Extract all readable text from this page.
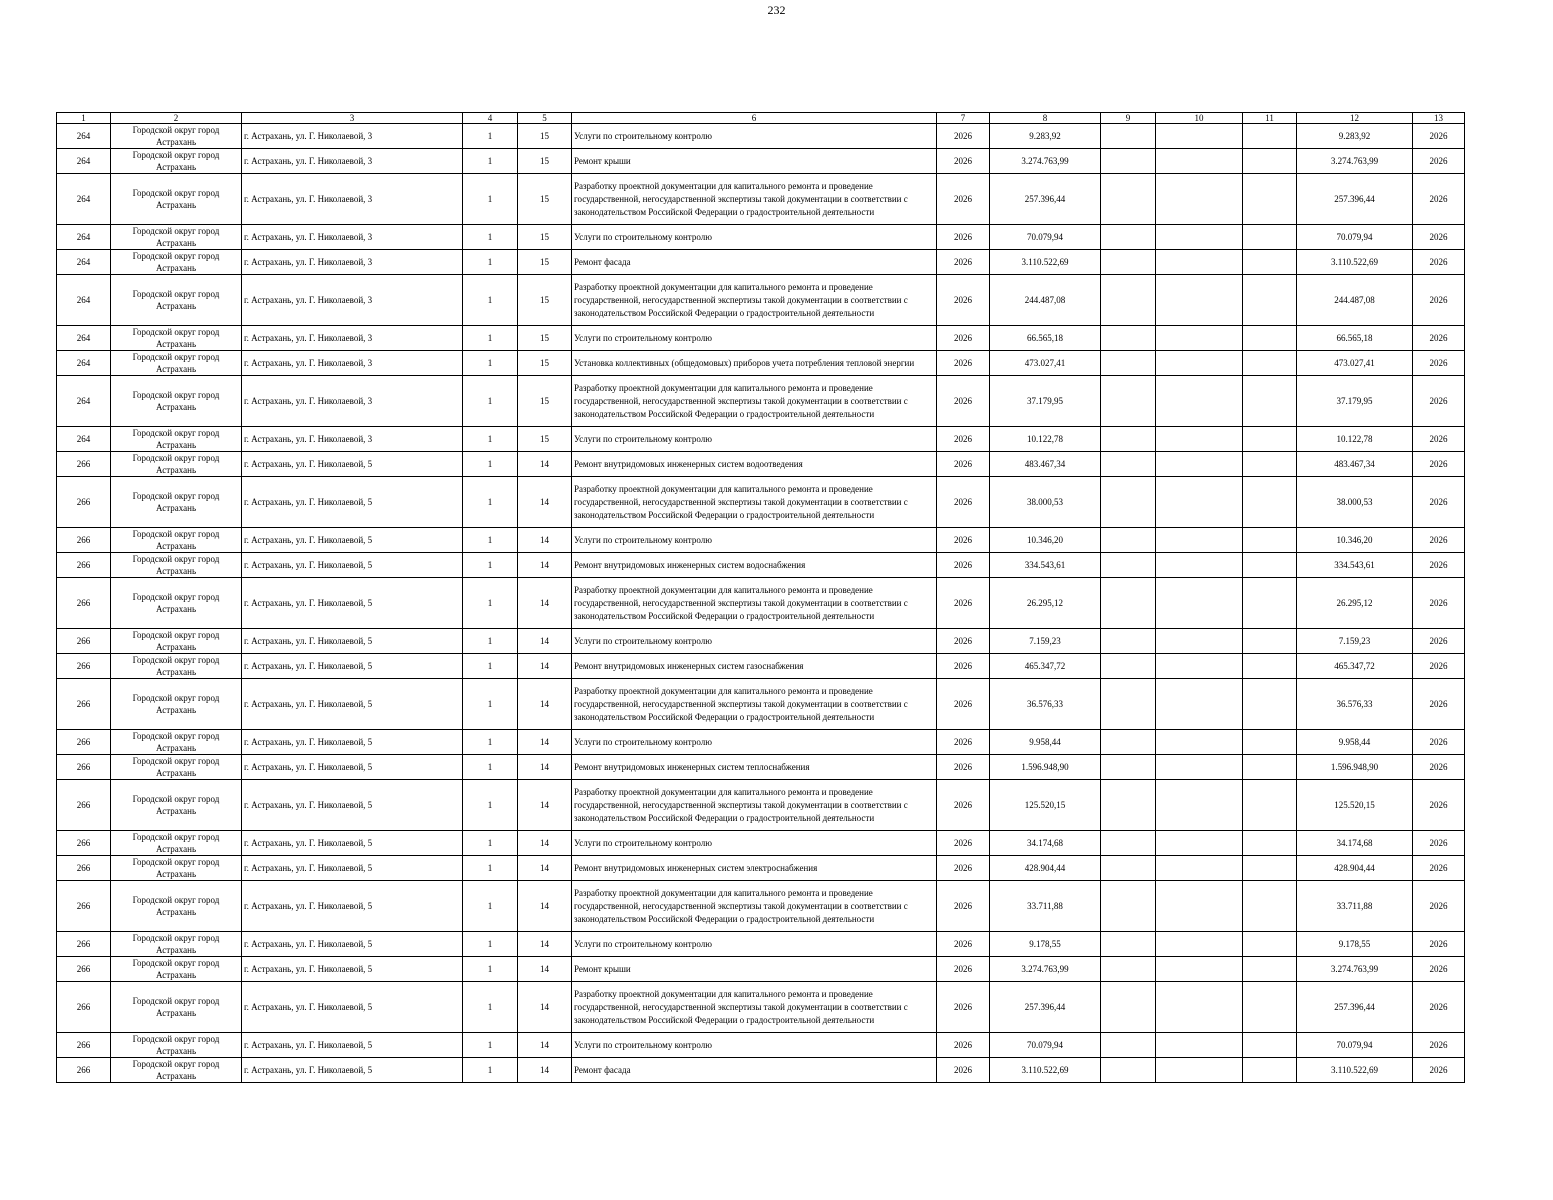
232
1	2	3	4	5	6	7	8	9	10	11	12	13
264	Городской округ город Астрахань	г. Астрахань, ул. Г. Николаевой, 3	1	15	Услуги по строительному контролю	2026	9.283,92				9.283,92	2026
264	Городской округ город Астрахань	г. Астрахань, ул. Г. Николаевой, 3	1	15	Ремонт крыши	2026	3.274.763,99				3.274.763,99	2026
264	Городской округ город Астрахань	г. Астрахань, ул. Г. Николаевой, 3	1	15	Разработку проектной документации для капитального ремонта и проведение государственной, негосударственной экспертизы такой документации в соответствии с законодательством Российской Федерации о градостроительной деятельности	2026	257.396,44				257.396,44	2026
264	Городской округ город Астрахань	г. Астрахань, ул. Г. Николаевой, 3	1	15	Услуги по строительному контролю	2026	70.079,94				70.079,94	2026
264	Городской округ город Астрахань	г. Астрахань, ул. Г. Николаевой, 3	1	15	Ремонт фасада	2026	3.110.522,69				3.110.522,69	2026
264	Городской округ город Астрахань	г. Астрахань, ул. Г. Николаевой, 3	1	15	Разработку проектной документации для капитального ремонта и проведение государственной, негосударственной экспертизы такой документации в соответствии с законодательством Российской Федерации о градостроительной деятельности	2026	244.487,08				244.487,08	2026
264	Городской округ город Астрахань	г. Астрахань, ул. Г. Николаевой, 3	1	15	Услуги по строительному контролю	2026	66.565,18				66.565,18	2026
264	Городской округ город Астрахань	г. Астрахань, ул. Г. Николаевой, 3	1	15	Установка коллективных (общедомовых) приборов учета потребления тепловой энергии	2026	473.027,41				473.027,41	2026
264	Городской округ город Астрахань	г. Астрахань, ул. Г. Николаевой, 3	1	15	Разработку проектной документации для капитального ремонта и проведение государственной, негосударственной экспертизы такой документации в соответствии с законодательством Российской Федерации о градостроительной деятельности	2026	37.179,95				37.179,95	2026
264	Городской округ город Астрахань	г. Астрахань, ул. Г. Николаевой, 3	1	15	Услуги по строительному контролю	2026	10.122,78				10.122,78	2026
266	Городской округ город Астрахань	г. Астрахань, ул. Г. Николаевой, 5	1	14	Ремонт внутридомовых инженерных систем водоотведения	2026	483.467,34				483.467,34	2026
266	Городской округ город Астрахань	г. Астрахань, ул. Г. Николаевой, 5	1	14	Разработку проектной документации для капитального ремонта и проведение государственной, негосударственной экспертизы такой документации в соответствии с законодательством Российской Федерации о градостроительной деятельности	2026	38.000,53				38.000,53	2026
266	Городской округ город Астрахань	г. Астрахань, ул. Г. Николаевой, 5	1	14	Услуги по строительному контролю	2026	10.346,20				10.346,20	2026
266	Городской округ город Астрахань	г. Астрахань, ул. Г. Николаевой, 5	1	14	Ремонт внутридомовых инженерных систем водоснабжения	2026	334.543,61				334.543,61	2026
266	Городской округ город Астрахань	г. Астрахань, ул. Г. Николаевой, 5	1	14	Разработку проектной документации для капитального ремонта и проведение государственной, негосударственной экспертизы такой документации в соответствии с законодательством Российской Федерации о градостроительной деятельности	2026	26.295,12				26.295,12	2026
266	Городской округ город Астрахань	г. Астрахань, ул. Г. Николаевой, 5	1	14	Услуги по строительному контролю	2026	7.159,23				7.159,23	2026
266	Городской округ город Астрахань	г. Астрахань, ул. Г. Николаевой, 5	1	14	Ремонт внутридомовых инженерных систем газоснабжения	2026	465.347,72				465.347,72	2026
266	Городской округ город Астрахань	г. Астрахань, ул. Г. Николаевой, 5	1	14	Разработку проектной документации для капитального ремонта и проведение государственной, негосударственной экспертизы такой документации в соответствии с законодательством Российской Федерации о градостроительной деятельности	2026	36.576,33				36.576,33	2026
266	Городской округ город Астрахань	г. Астрахань, ул. Г. Николаевой, 5	1	14	Услуги по строительному контролю	2026	9.958,44				9.958,44	2026
266	Городской округ город Астрахань	г. Астрахань, ул. Г. Николаевой, 5	1	14	Ремонт внутридомовых инженерных систем теплоснабжения	2026	1.596.948,90				1.596.948,90	2026
266	Городской округ город Астрахань	г. Астрахань, ул. Г. Николаевой, 5	1	14	Разработку проектной документации для капитального ремонта и проведение государственной, негосударственной экспертизы такой документации в соответствии с законодательством Российской Федерации о градостроительной деятельности	2026	125.520,15				125.520,15	2026
266	Городской округ город Астрахань	г. Астрахань, ул. Г. Николаевой, 5	1	14	Услуги по строительному контролю	2026	34.174,68				34.174,68	2026
266	Городской округ город Астрахань	г. Астрахань, ул. Г. Николаевой, 5	1	14	Ремонт внутридомовых инженерных систем электроснабжения	2026	428.904,44				428.904,44	2026
266	Городской округ город Астрахань	г. Астрахань, ул. Г. Николаевой, 5	1	14	Разработку проектной документации для капитального ремонта и проведение государственной, негосударственной экспертизы такой документации в соответствии с законодательством Российской Федерации о градостроительной деятельности	2026	33.711,88				33.711,88	2026
266	Городской округ город Астрахань	г. Астрахань, ул. Г. Николаевой, 5	1	14	Услуги по строительному контролю	2026	9.178,55				9.178,55	2026
266	Городской округ город Астрахань	г. Астрахань, ул. Г. Николаевой, 5	1	14	Ремонт крыши	2026	3.274.763,99				3.274.763,99	2026
266	Городской округ город Астрахань	г. Астрахань, ул. Г. Николаевой, 5	1	14	Разработку проектной документации для капитального ремонта и проведение государственной, негосударственной экспертизы такой документации в соответствии с законодательством Российской Федерации о градостроительной деятельности	2026	257.396,44				257.396,44	2026
266	Городской округ город Астрахань	г. Астрахань, ул. Г. Николаевой, 5	1	14	Услуги по строительному контролю	2026	70.079,94				70.079,94	2026
266	Городской округ город Астрахань	г. Астрахань, ул. Г. Николаевой, 5	1	14	Ремонт фасада	2026	3.110.522,69				3.110.522,69	2026
